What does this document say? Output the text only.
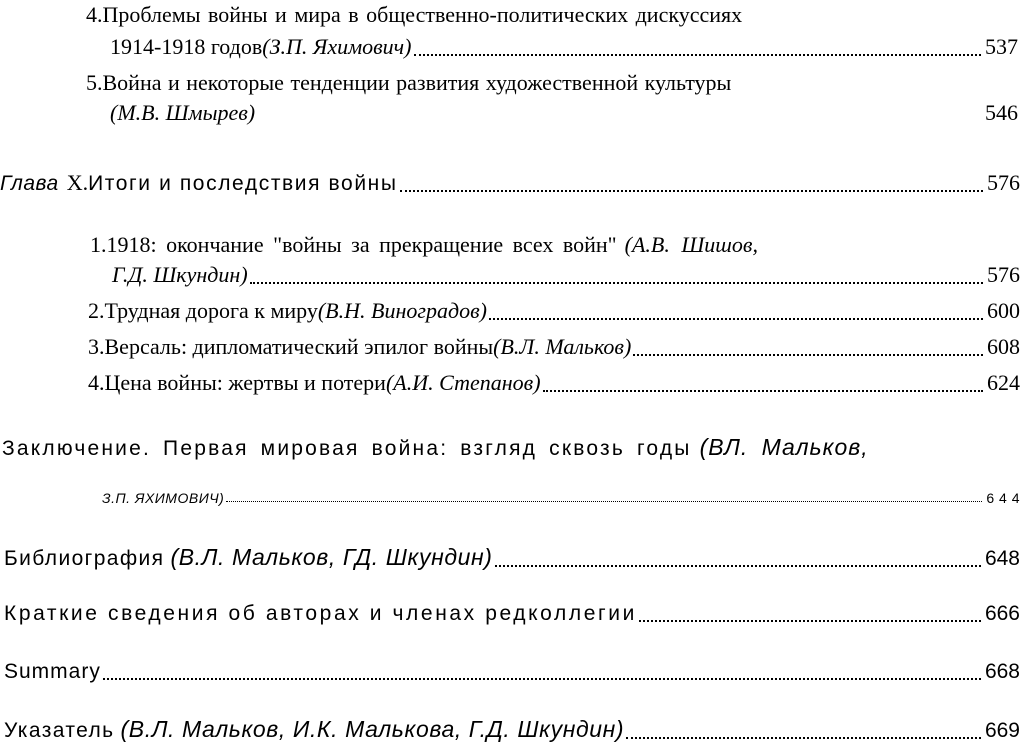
4. Проблемы войны и мира в общественно-политических дискуссиях
1914-1918 годов (З.П. Яхимович)	537
5. Война и некоторые тенденции развития художественной культуры
(М.В. Шмырев)	546
Глава X. Итоги и последствия войны	576
1. 1918: окончание "войны за прекращение всех войн" (А.В. Шишов,
Г.Д. Шкундин)	576
2. Трудная дорога к миру (В.Н. Виноградов)	600
3. Версаль: дипломатический эпилог войны (В.Л. Мальков)	608
4. Цена войны: жертвы и потери (А.И. Степанов)	624
Заключение. Первая мировая война: взгляд сквозь годы (ВЛ. Мальков,
З.П. ЯХИМОВИЧ )	6 4 4
Библиография (В.Л. Мальков, ГД. Шкундин)	648
Краткие сведения об авторах и членах редколлегии	666
Summary	668
Указатель (В.Л. Мальков, И.К. Малькова, Г.Д. Шкундин)	669
